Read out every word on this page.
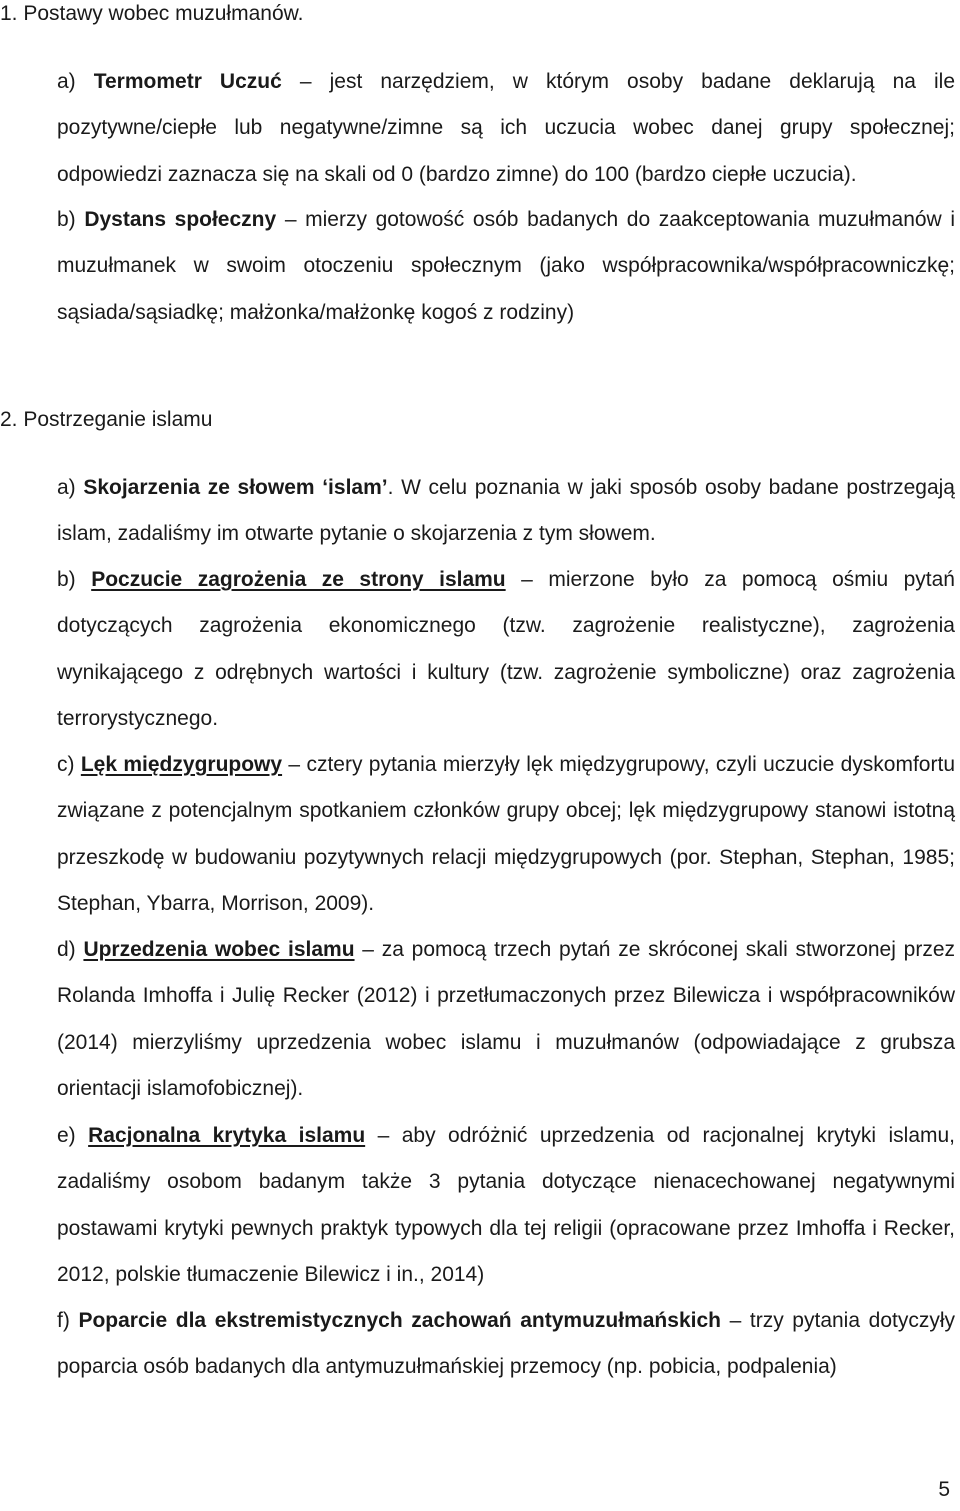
1. Postawy wobec muzułmanów.

a) Termometr Uczuć – jest narzędziem, w którym osoby badane deklarują na ile pozytywne/ciepłe lub negatywne/zimne są ich uczucia wobec danej grupy społecznej; odpowiedzi zaznacza się na skali od 0 (bardzo zimne) do 100 (bardzo ciepłe uczucia).

b) Dystans społeczny – mierzy gotowość osób badanych do zaakceptowania muzułmanów i muzułmanek w swoim otoczeniu społecznym (jako współpracownika/współpracowniczkę; sąsiada/sąsiadkę; małżonka/małżonkę kogoś z rodziny)

2. Postrzeganie islamu

a) Skojarzenia ze słowem ‘islam’. W celu poznania w jaki sposób osoby badane postrzegają islam, zadaliśmy im otwarte pytanie o skojarzenia z tym słowem.

b) Poczucie zagrożenia ze strony islamu – mierzone było za pomocą ośmiu pytań dotyczących zagrożenia ekonomicznego (tzw. zagrożenie realistyczne), zagrożenia wynikającego z odrębnych wartości i kultury (tzw. zagrożenie symboliczne) oraz zagrożenia terrorystycznego.

c) Lęk międzygrupowy – cztery pytania mierzyły lęk międzygrupowy, czyli uczucie dyskomfortu związane z potencjalnym spotkaniem członków grupy obcej; lęk międzygrupowy stanowi istotną przeszkodę w budowaniu pozytywnych relacji międzygrupowych (por. Stephan, Stephan, 1985; Stephan, Ybarra, Morrison, 2009).

d) Uprzedzenia wobec islamu – za pomocą trzech pytań ze skróconej skali stworzonej przez Rolanda Imhoffa i Julię Recker (2012) i przetłumaczonych przez Bilewicza i współpracowników (2014) mierzyliśmy uprzedzenia wobec islamu i muzułmanów (odpowiadające z grubsza orientacji islamofobicznej).

e) Racjonalna krytyka islamu – aby odróżnić uprzedzenia od racjonalnej krytyki islamu, zadaliśmy osobom badanym także 3 pytania dotyczące nienacechowanej negatywnymi postawami krytyki pewnych praktyk typowych dla tej religii (opracowane przez Imhoffa i Recker, 2012, polskie tłumaczenie Bilewicz i in., 2014)

f) Poparcie dla ekstremistycznych zachowań antymuzułmańskich – trzy pytania dotyczyły poparcia osób badanych dla antymuzułmańskiej przemocy (np. pobicia, podpalenia)

5
